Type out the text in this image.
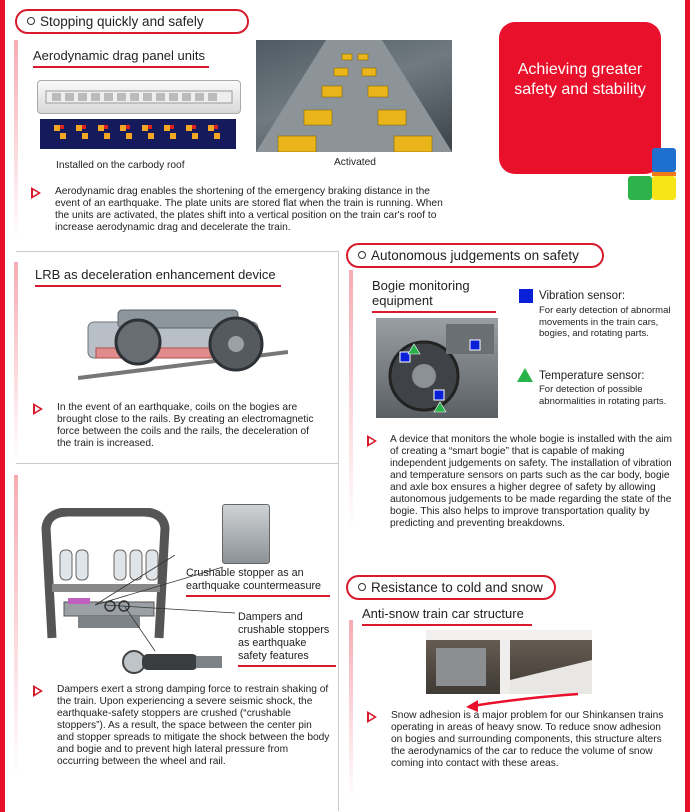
Stopping quickly and safely
Aerodynamic drag panel units
Installed on the carbody roof	Activated
Aerodynamic drag enables the shortening of the emergency braking distance in the event of an earthquake. The plate units are stored flat when the train is running. When the units are activated, the plates shift into a vertical position on the train car's roof to increase aerodynamic drag and decelerate the train.
Achieving greater safety and stability
LRB as deceleration enhancement device
In the event of an earthquake, coils on the bogies are brought close to the rails. By creating an electromagnetic force between the coils and the rails, the deceleration of the train is increased.
Crushable stopper as an earthquake countermeasure
Dampers and crushable stoppers as earthquake safety features
Dampers exert a strong damping force to restrain shaking of the train. Upon experiencing a severe seismic shock, the earthquake-safety stoppers are crushed (“crushable stoppers”). As a result, the space between the center pin and stopper spreads to mitigate the shock between the body and bogie and to prevent high lateral pressure from occurring between the wheel and rail.
Autonomous judgements on safety
Bogie monitoring equipment	Vibration sensor:
For early detection of abnormal movements in the train cars, bogies, and rotating parts.
Temperature sensor:
For detection of possible abnormalities in rotating parts.
A device that monitors the whole bogie is installed with the aim of creating a “smart bogie” that is capable of making independent judgements on safety. The installation of vibration and temperature sensors on parts such as the car body, bogie and axle box ensures a higher degree of safety by allowing autonomous judgements to be made regarding the state of the bogie. This also helps to improve transportation quality by predicting and preventing breakdowns.
Resistance to cold and snow
Anti-snow train car structure
Snow adhesion is a major problem for our Shinkansen trains operating in areas of heavy snow. To reduce snow adhesion on bogies and surrounding components, this structure alters the aerodynamics of the car to reduce the volume of snow coming into contact with these areas.
